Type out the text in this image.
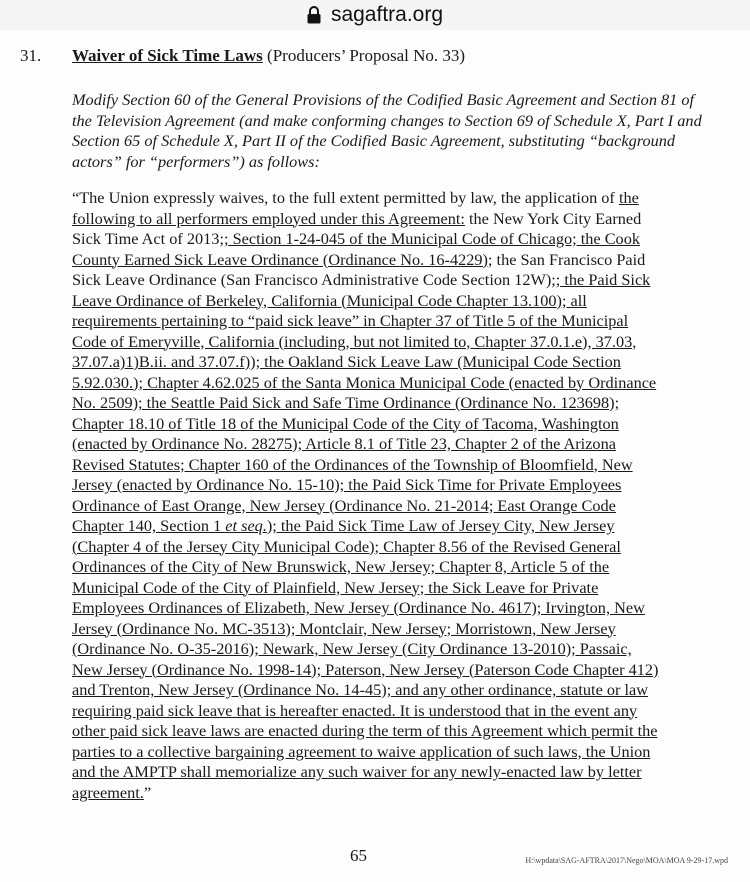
sagaftra.org
31. Waiver of Sick Time Laws (Producers’ Proposal No. 33)
Modify Section 60 of the General Provisions of the Codified Basic Agreement and Section 81 of the Television Agreement (and make conforming changes to Section 69 of Schedule X, Part I and Section 65 of Schedule X, Part II of the Codified Basic Agreement, substituting “background actors” for “performers”) as follows:
“The Union expressly waives, to the full extent permitted by law, the application of the
following to all performers employed under this Agreement: the New York City Earned
Sick Time Act of 2013;; Section 1-24-045 of the Municipal Code of Chicago; the Cook
County Earned Sick Leave Ordinance (Ordinance No. 16-4229); the San Francisco Paid
Sick Leave Ordinance (San Francisco Administrative Code Section 12W);; the Paid Sick
Leave Ordinance of Berkeley, California (Municipal Code Chapter 13.100); all
requirements pertaining to “paid sick leave” in Chapter 37 of Title 5 of the Municipal
Code of Emeryville, California (including, but not limited to, Chapter 37.0.1.e), 37.03,
37.07.a)1)B.ii. and 37.07.f)); the Oakland Sick Leave Law (Municipal Code Section
5.92.030.); Chapter 4.62.025 of the Santa Monica Municipal Code (enacted by Ordinance
No. 2509); the Seattle Paid Sick and Safe Time Ordinance (Ordinance No. 123698);
Chapter 18.10 of Title 18 of the Municipal Code of the City of Tacoma, Washington
(enacted by Ordinance No. 28275); Article 8.1 of Title 23, Chapter 2 of the Arizona
Revised Statutes; Chapter 160 of the Ordinances of the Township of Bloomfield, New
Jersey (enacted by Ordinance No. 15-10); the Paid Sick Time for Private Employees
Ordinance of East Orange, New Jersey (Ordinance No. 21-2014; East Orange Code
Chapter 140, Section 1 et seq.); the Paid Sick Time Law of Jersey City, New Jersey
(Chapter 4 of the Jersey City Municipal Code); Chapter 8.56 of the Revised General
Ordinances of the City of New Brunswick, New Jersey; Chapter 8, Article 5 of the
Municipal Code of the City of Plainfield, New Jersey; the Sick Leave for Private
Employees Ordinances of Elizabeth, New Jersey (Ordinance No. 4617); Irvington, New
Jersey (Ordinance No. MC-3513); Montclair, New Jersey; Morristown, New Jersey
(Ordinance No. O-35-2016); Newark, New Jersey (City Ordinance 13-2010); Passaic,
New Jersey (Ordinance No. 1998-14); Paterson, New Jersey (Paterson Code Chapter 412)
and Trenton, New Jersey (Ordinance No. 14-45); and any other ordinance, statute or law
requiring paid sick leave that is hereafter enacted. It is understood that in the event any
other paid sick leave laws are enacted during the term of this Agreement which permit the
parties to a collective bargaining agreement to waive application of such laws, the Union
and the AMPTP shall memorialize any such waiver for any newly-enacted law by letter
agreement.”
65	H:\wpdata\SAG-AFTRA\2017\Nego\MOA\MOA 9-29-17.wpd
